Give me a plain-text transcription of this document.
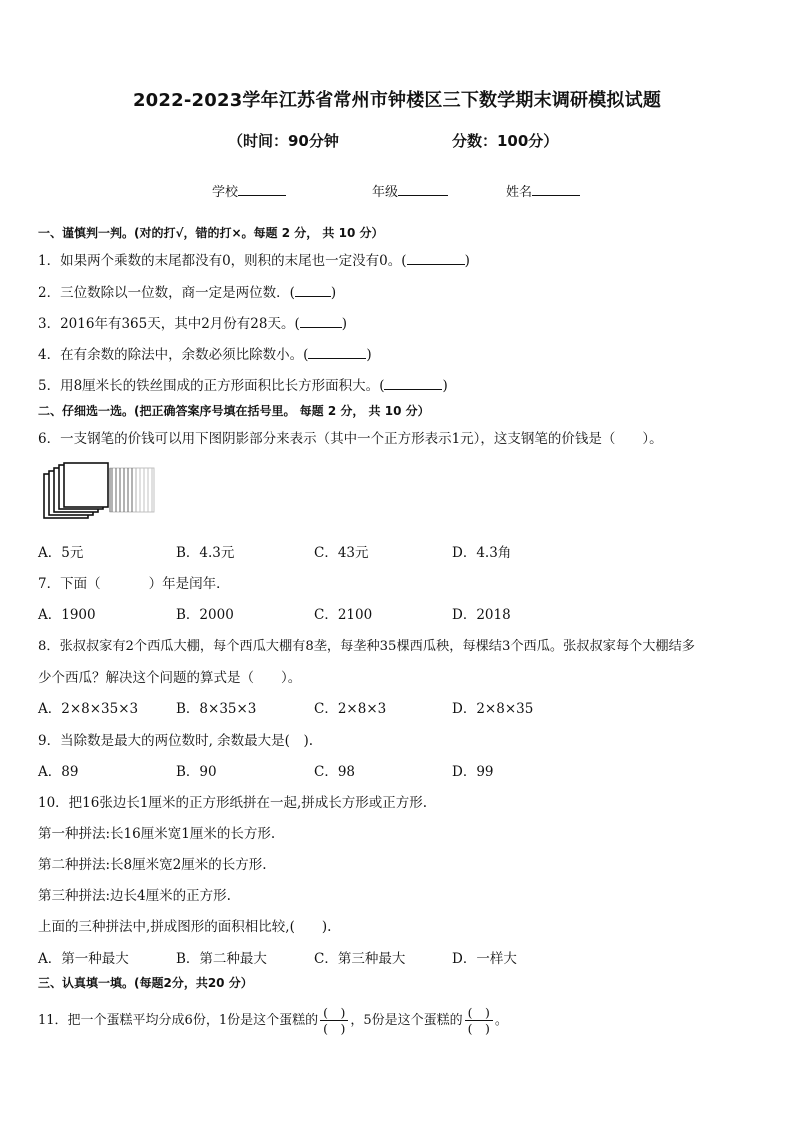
2022-2023学年江苏省常州市钟楼区三下数学期末调研模拟试题
（时间：90分钟	分数：100分）
学校	年级	姓名
一、谨慎判一判。(对的打√，错的打×。每题 2 分， 共 10 分）
1．如果两个乘数的末尾都没有0，则积的末尾也一定没有0。(	)
2．三位数除以一位数，商一定是两位数．(	)
3．2016年有365天，其中2月份有28天。(	)
4．在有余数的除法中，余数必须比除数小。(	)
5．用8厘米长的铁丝围成的正方形面积比长方形面积大。(	)
二、仔细选一选。(把正确答案序号填在括号里。 每题 2 分， 共 10 分）
6．一支钢笔的价钱可以用下图阴影部分来表示（其中一个正方形表示1元），这支钢笔的价钱是（　　）。
A．5元	B．4.3元	C．43元	D．4.3角
7．下面（	）年是闰年．
A．1900	B．2000	C．2100	D．2018
8．张叔叔家有2个西瓜大棚，每个西瓜大棚有8垄，每垄种35棵西瓜秧，每棵结3个西瓜。张叔叔家每个大棚结多
少个西瓜？解决这个问题的算式是（　　）。
A．2×8×35×3	B．8×35×3	C．2×8×3	D．2×8×35
9．当除数是最大的两位数时, 余数最大是(　).
A．89	B．90	C．98	D．99
10．把16张边长1厘米的正方形纸拼在一起,拼成长方形或正方形.
第一种拼法:长16厘米宽1厘米的长方形.
第二种拼法:长8厘米宽2厘米的长方形.
第三种拼法:边长4厘米的正方形.
上面的三种拼法中,拼成图形的面积相比较,(　　).
A．第一种最大	B．第二种最大	C．第三种最大	D．一样大
三、认真填一填。(每题2分，共20 分）
11．把一个蛋糕平均分成6份，1份是这个蛋糕的 $\frac{( )}{( )}$ ，5份是这个蛋糕的 $\frac{( )}{( )}$ 。
